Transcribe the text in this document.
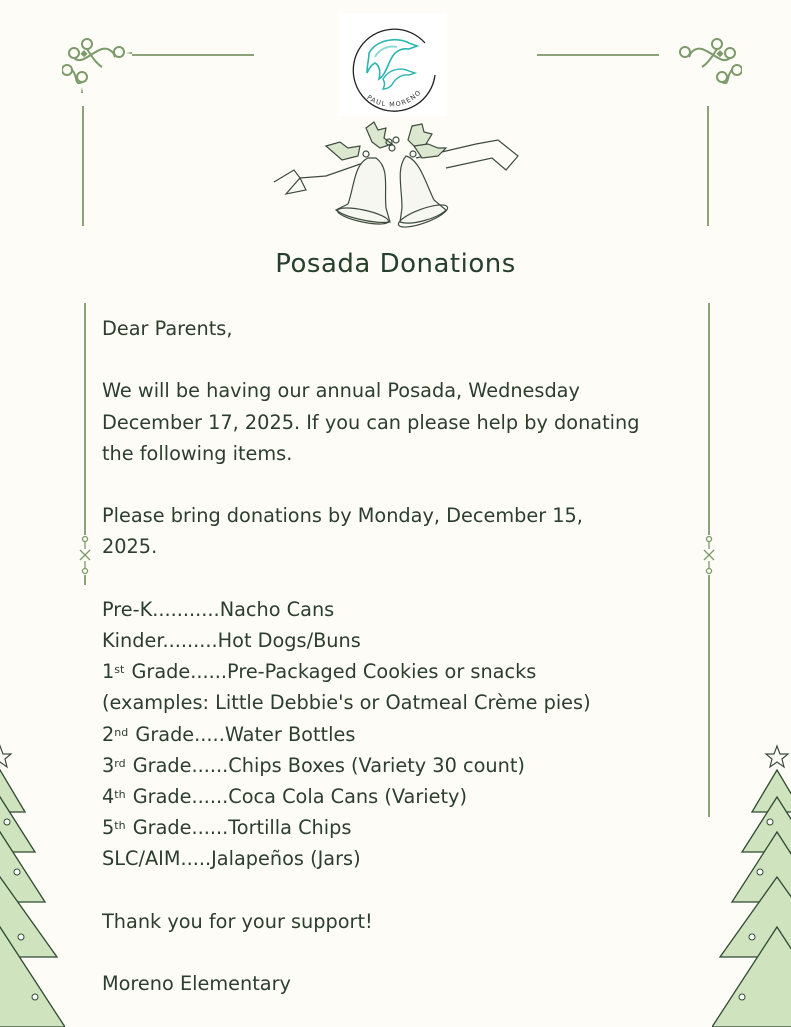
PAUL MORENO
Posada Donations

Dear Parents,

We will be having our annual Posada, Wednesday

December 17, 2025. If you can please help by donating

the following items.

Please bring donations by Monday, December 15,

2025.

Pre-K...........Nacho Cans

Kinder.........Hot Dogs/Buns

1st Grade......Pre-Packaged Cookies or snacks

(examples: Little Debbie's or Oatmeal Crème pies)

2nd Grade.....Water Bottles

3rd Grade......Chips Boxes (Variety 30 count)

4th Grade......Coca Cola Cans (Variety)

5th Grade......Tortilla Chips

SLC/AIM.....Jalapeños (Jars)

Thank you for your support!

Moreno Elementary
